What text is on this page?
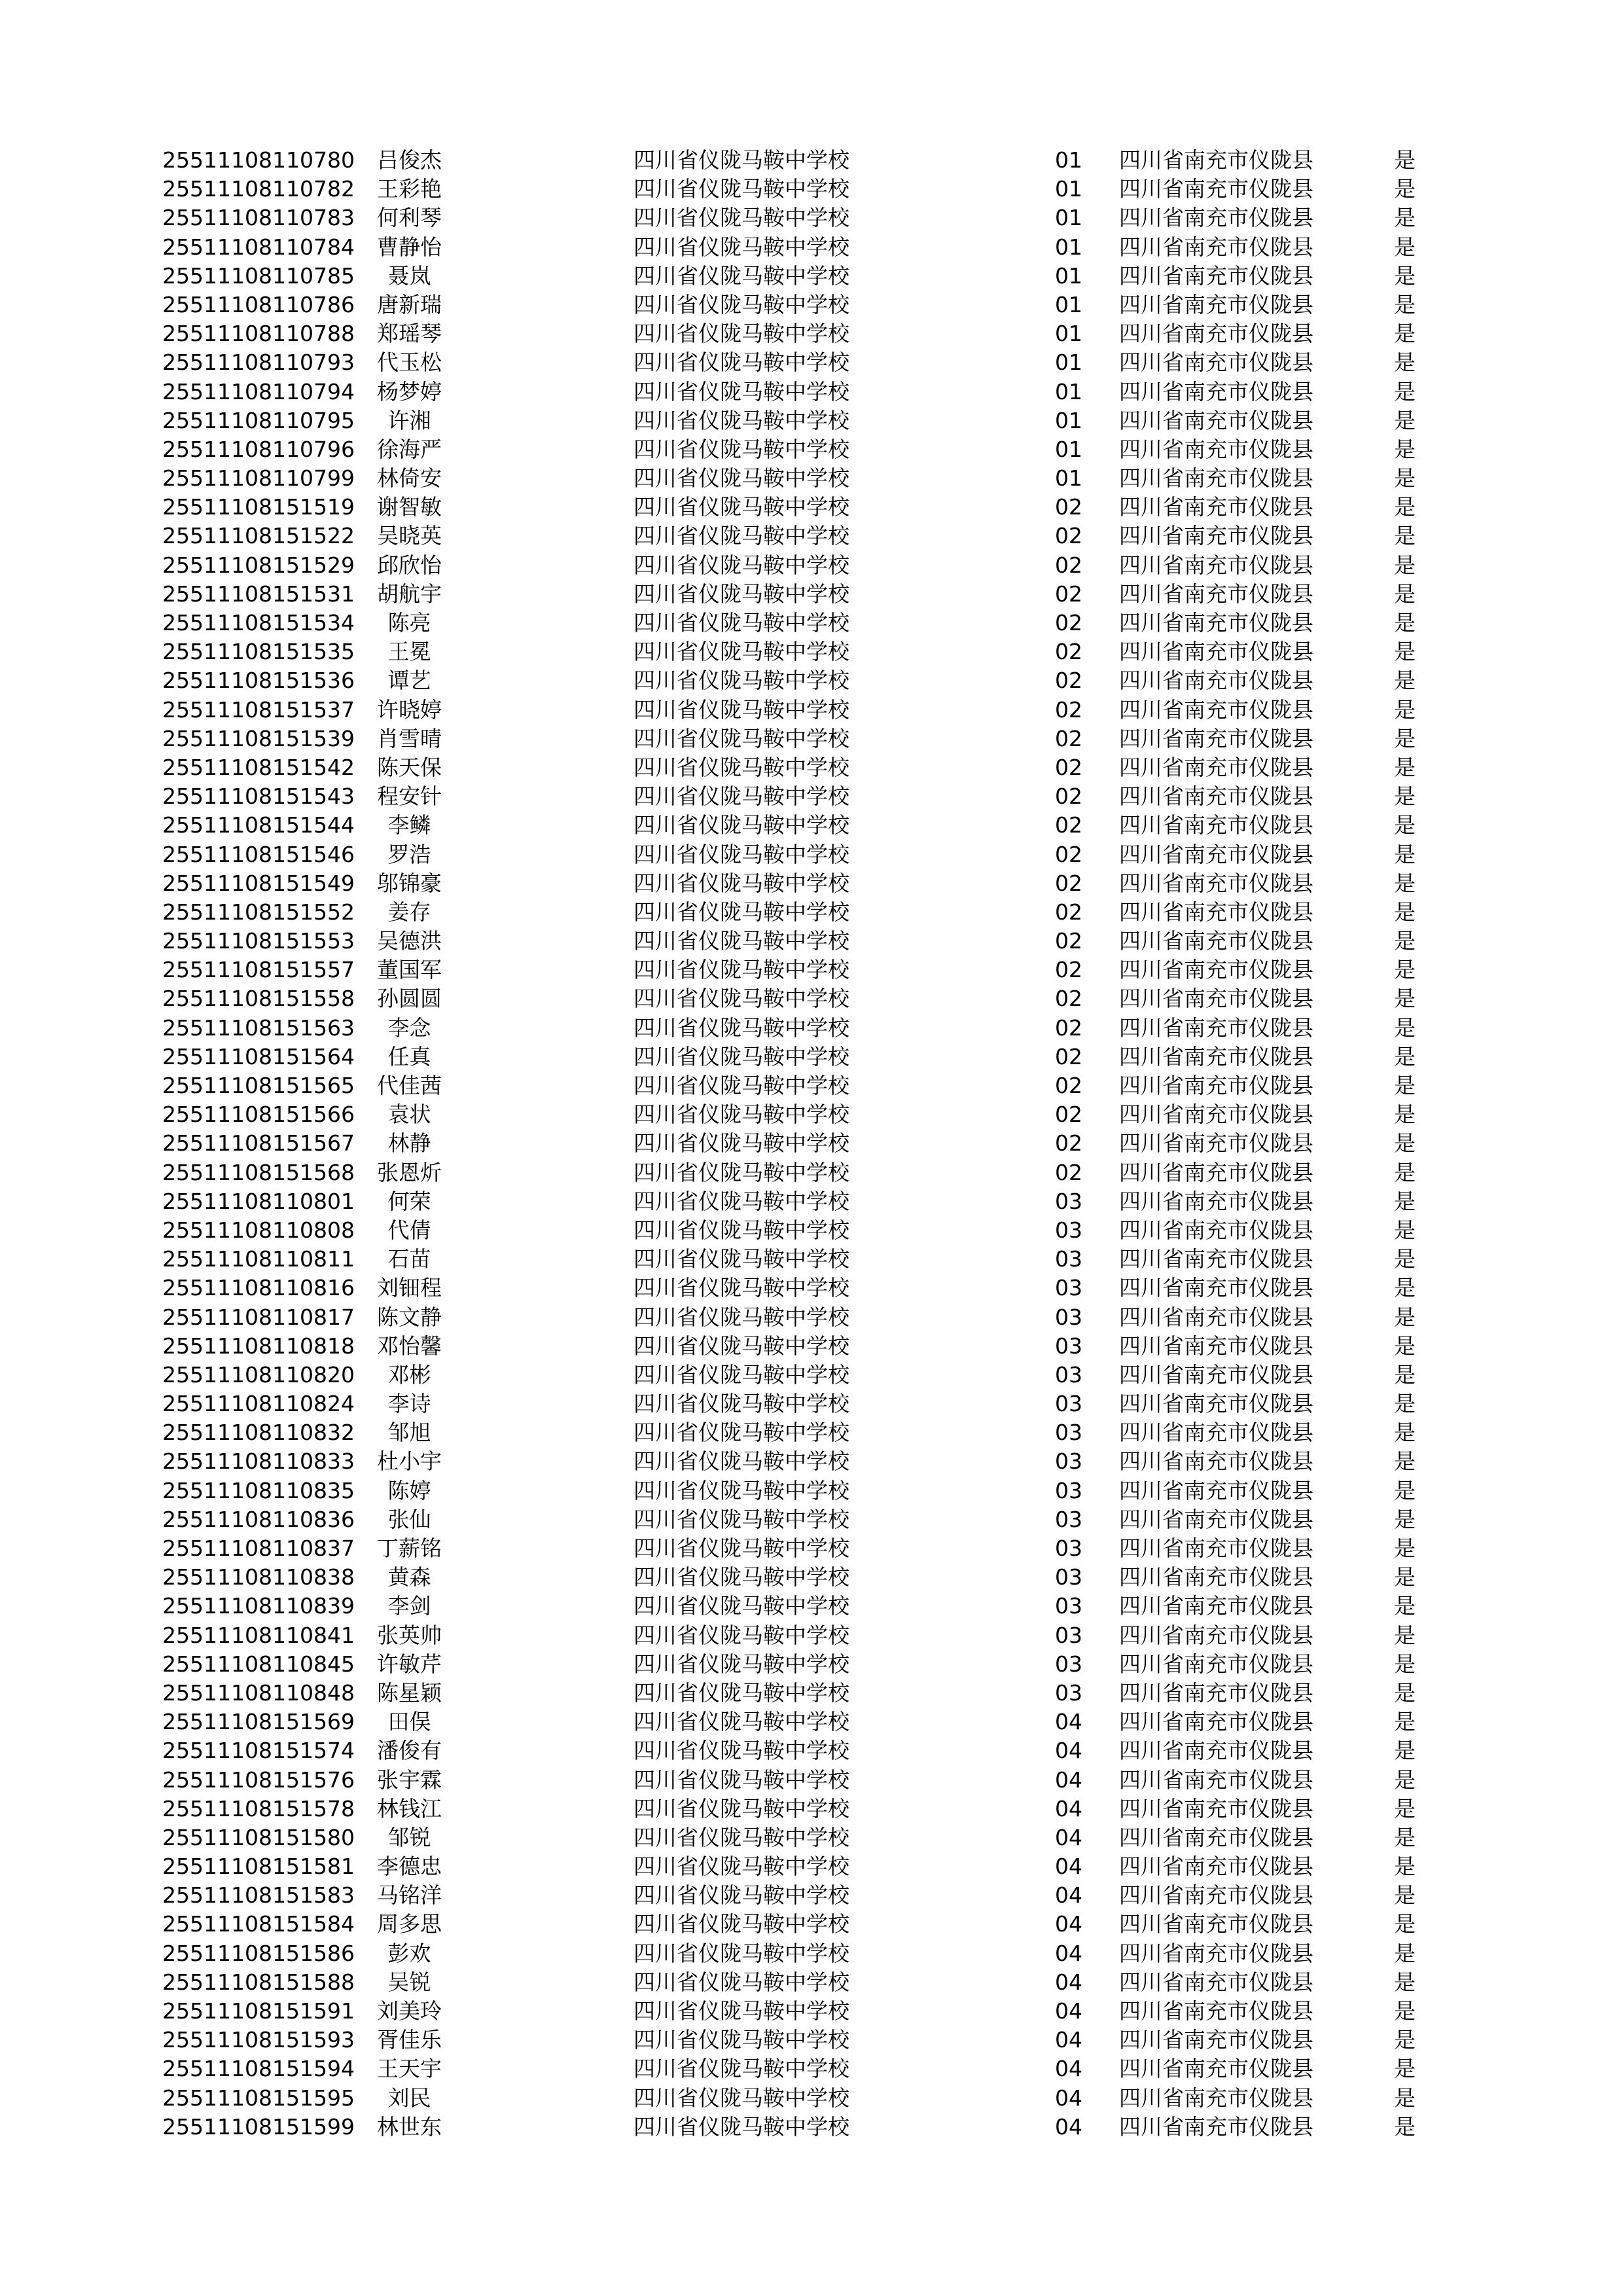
25511108110780	吕俊杰	四川省仪陇马鞍中学校	01 四川省南充市仪陇县	是
25511108110782	王彩艳	四川省仪陇马鞍中学校	01 四川省南充市仪陇县	是
25511108110783	何利琴	四川省仪陇马鞍中学校	01 四川省南充市仪陇县	是
25511108110784	曹静怡	四川省仪陇马鞍中学校	01 四川省南充市仪陇县	是
25511108110785	聂岚	四川省仪陇马鞍中学校	01 四川省南充市仪陇县	是
25511108110786	唐新瑞	四川省仪陇马鞍中学校	01 四川省南充市仪陇县	是
25511108110788	郑瑶琴	四川省仪陇马鞍中学校	01 四川省南充市仪陇县	是
25511108110793	代玉松	四川省仪陇马鞍中学校	01 四川省南充市仪陇县	是
25511108110794	杨梦婷	四川省仪陇马鞍中学校	01 四川省南充市仪陇县	是
25511108110795	许湘	四川省仪陇马鞍中学校	01 四川省南充市仪陇县	是
25511108110796	徐海严	四川省仪陇马鞍中学校	01 四川省南充市仪陇县	是
25511108110799	林倚安	四川省仪陇马鞍中学校	01 四川省南充市仪陇县	是
25511108151519	谢智敏	四川省仪陇马鞍中学校	02 四川省南充市仪陇县	是
25511108151522	吴晓英	四川省仪陇马鞍中学校	02 四川省南充市仪陇县	是
25511108151529	邱欣怡	四川省仪陇马鞍中学校	02 四川省南充市仪陇县	是
25511108151531	胡航宇	四川省仪陇马鞍中学校	02 四川省南充市仪陇县	是
25511108151534	陈亮	四川省仪陇马鞍中学校	02 四川省南充市仪陇县	是
25511108151535	王冕	四川省仪陇马鞍中学校	02 四川省南充市仪陇县	是
25511108151536	谭艺	四川省仪陇马鞍中学校	02 四川省南充市仪陇县	是
25511108151537	许晓婷	四川省仪陇马鞍中学校	02 四川省南充市仪陇县	是
25511108151539	肖雪晴	四川省仪陇马鞍中学校	02 四川省南充市仪陇县	是
25511108151542	陈天保	四川省仪陇马鞍中学校	02 四川省南充市仪陇县	是
25511108151543	程安针	四川省仪陇马鞍中学校	02 四川省南充市仪陇县	是
25511108151544	李鳞	四川省仪陇马鞍中学校	02 四川省南充市仪陇县	是
25511108151546	罗浩	四川省仪陇马鞍中学校	02 四川省南充市仪陇县	是
25511108151549	邬锦豪	四川省仪陇马鞍中学校	02 四川省南充市仪陇县	是
25511108151552	姜存	四川省仪陇马鞍中学校	02 四川省南充市仪陇县	是
25511108151553	吴德洪	四川省仪陇马鞍中学校	02 四川省南充市仪陇县	是
25511108151557	董国军	四川省仪陇马鞍中学校	02 四川省南充市仪陇县	是
25511108151558	孙圆圆	四川省仪陇马鞍中学校	02 四川省南充市仪陇县	是
25511108151563	李念	四川省仪陇马鞍中学校	02 四川省南充市仪陇县	是
25511108151564	任真	四川省仪陇马鞍中学校	02 四川省南充市仪陇县	是
25511108151565	代佳茜	四川省仪陇马鞍中学校	02 四川省南充市仪陇县	是
25511108151566	袁状	四川省仪陇马鞍中学校	02 四川省南充市仪陇县	是
25511108151567	林静	四川省仪陇马鞍中学校	02 四川省南充市仪陇县	是
25511108151568	张恩炘	四川省仪陇马鞍中学校	02 四川省南充市仪陇县	是
25511108110801	何荣	四川省仪陇马鞍中学校	03 四川省南充市仪陇县	是
25511108110808	代倩	四川省仪陇马鞍中学校	03 四川省南充市仪陇县	是
25511108110811	石苗	四川省仪陇马鞍中学校	03 四川省南充市仪陇县	是
25511108110816	刘钿程	四川省仪陇马鞍中学校	03 四川省南充市仪陇县	是
25511108110817	陈文静	四川省仪陇马鞍中学校	03 四川省南充市仪陇县	是
25511108110818	邓怡馨	四川省仪陇马鞍中学校	03 四川省南充市仪陇县	是
25511108110820	邓彬	四川省仪陇马鞍中学校	03 四川省南充市仪陇县	是
25511108110824	李诗	四川省仪陇马鞍中学校	03 四川省南充市仪陇县	是
25511108110832	邹旭	四川省仪陇马鞍中学校	03 四川省南充市仪陇县	是
25511108110833	杜小宇	四川省仪陇马鞍中学校	03 四川省南充市仪陇县	是
25511108110835	陈婷	四川省仪陇马鞍中学校	03 四川省南充市仪陇县	是
25511108110836	张仙	四川省仪陇马鞍中学校	03 四川省南充市仪陇县	是
25511108110837	丁薪铭	四川省仪陇马鞍中学校	03 四川省南充市仪陇县	是
25511108110838	黄森	四川省仪陇马鞍中学校	03 四川省南充市仪陇县	是
25511108110839	李剑	四川省仪陇马鞍中学校	03 四川省南充市仪陇县	是
25511108110841	张英帅	四川省仪陇马鞍中学校	03 四川省南充市仪陇县	是
25511108110845	许敏芹	四川省仪陇马鞍中学校	03 四川省南充市仪陇县	是
25511108110848	陈星颖	四川省仪陇马鞍中学校	03 四川省南充市仪陇县	是
25511108151569	田俣	四川省仪陇马鞍中学校	04 四川省南充市仪陇县	是
25511108151574	潘俊有	四川省仪陇马鞍中学校	04 四川省南充市仪陇县	是
25511108151576	张宇霖	四川省仪陇马鞍中学校	04 四川省南充市仪陇县	是
25511108151578	林钱江	四川省仪陇马鞍中学校	04 四川省南充市仪陇县	是
25511108151580	邹锐	四川省仪陇马鞍中学校	04 四川省南充市仪陇县	是
25511108151581	李德忠	四川省仪陇马鞍中学校	04 四川省南充市仪陇县	是
25511108151583	马铭洋	四川省仪陇马鞍中学校	04 四川省南充市仪陇县	是
25511108151584	周多思	四川省仪陇马鞍中学校	04 四川省南充市仪陇县	是
25511108151586	彭欢	四川省仪陇马鞍中学校	04 四川省南充市仪陇县	是
25511108151588	吴锐	四川省仪陇马鞍中学校	04 四川省南充市仪陇县	是
25511108151591	刘美玲	四川省仪陇马鞍中学校	04 四川省南充市仪陇县	是
25511108151593	胥佳乐	四川省仪陇马鞍中学校	04 四川省南充市仪陇县	是
25511108151594	王天宇	四川省仪陇马鞍中学校	04 四川省南充市仪陇县	是
25511108151595	刘民	四川省仪陇马鞍中学校	04 四川省南充市仪陇县	是
25511108151599	林世东	四川省仪陇马鞍中学校	04 四川省南充市仪陇县	是
